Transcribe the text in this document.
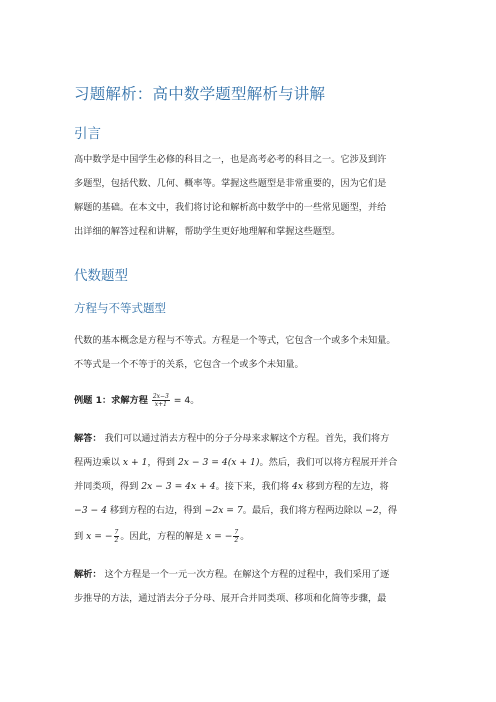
习题解析：高中数学题型解析与讲解
引言
高中数学是中国学生必修的科目之一，也是高考必考的科目之一。它涉及到许
多题型，包括代数、几何、概率等。掌握这些题型是非常重要的，因为它们是
解题的基础。在本文中，我们将讨论和解析高中数学中的一些常见题型，并给
出详细的解答过程和讲解，帮助学生更好地理解和掌握这些题型。
代数题型
方程与不等式题型
代数的基本概念是方程与不等式。方程是一个等式，它包含一个或多个未知量。
不等式是一个不等于的关系，它包含一个或多个未知量。
例题 1：求解方程 $\frac{2x-3}{x+1} = 4$。
解答： 我们可以通过消去方程中的分子分母来求解这个方程。首先，我们将方
程两边乘以 x + 1，得到 2x − 3 = 4(x + 1)。然后，我们可以将方程展开并合
并同类项，得到 2x − 3 = 4x + 4。接下来，我们将 4x 移到方程的左边，将
−3 − 4 移到方程的右边，得到 −2x = 7。最后，我们将方程两边除以 −2，得
到 x = − $\frac{7}{2}$ 。因此，方程的解是 x = − $\frac{7}{2}$ 。
解析： 这个方程是一个一元一次方程。在解这个方程的过程中，我们采用了逐
步推导的方法，通过消去分子分母、展开合并同类项、移项和化简等步骤，最
